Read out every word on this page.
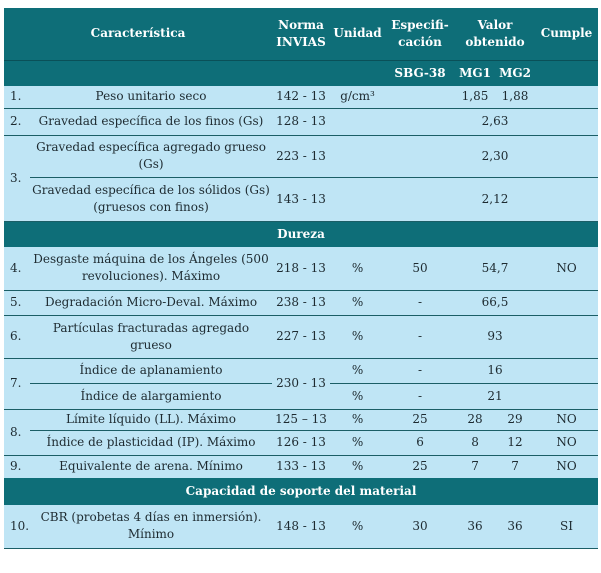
Característica		Norma INVIAS	Unidad	Especifi-cación	Valor obtenido		Cumple
				SBG-38	MG1	MG2	
1.	Peso unitario seco	142 - 13	g/cm³		1,85	1,88	
2.	Gravedad específica de los finos (Gs)	128 - 13			2,63		
3.	Gravedad específica agregado grueso (Gs)	223 - 13			2,30		
	Gravedad específica de los sólidos (Gs) (gruesos con finos)	143 - 13			2,12		
Dureza							
4.	Desgaste máquina de los Ángeles (500 revoluciones). Máximo	218 - 13	%	50	54,7		NO
5.	Degradación Micro-Deval. Máximo	238 - 13	%	-	66,5		
6.	Partículas fracturadas agregado grueso	227 - 13	%	-	93		
7.	Índice de aplanamiento	230 - 13	%	-	16		
	Índice de alargamiento		%	-	21		
8.	Límite líquido (LL). Máximo	125 – 13	%	25	28	29	NO
	Índice de plasticidad (IP). Máximo	126 - 13	%	6	8	12	NO
9.	Equivalente de arena. Mínimo	133 - 13	%	25	7	7	NO
Capacidad de soporte del material							
10.	CBR (probetas 4 días en inmersión). Mínimo	148 - 13	%	30	36	36	SI
